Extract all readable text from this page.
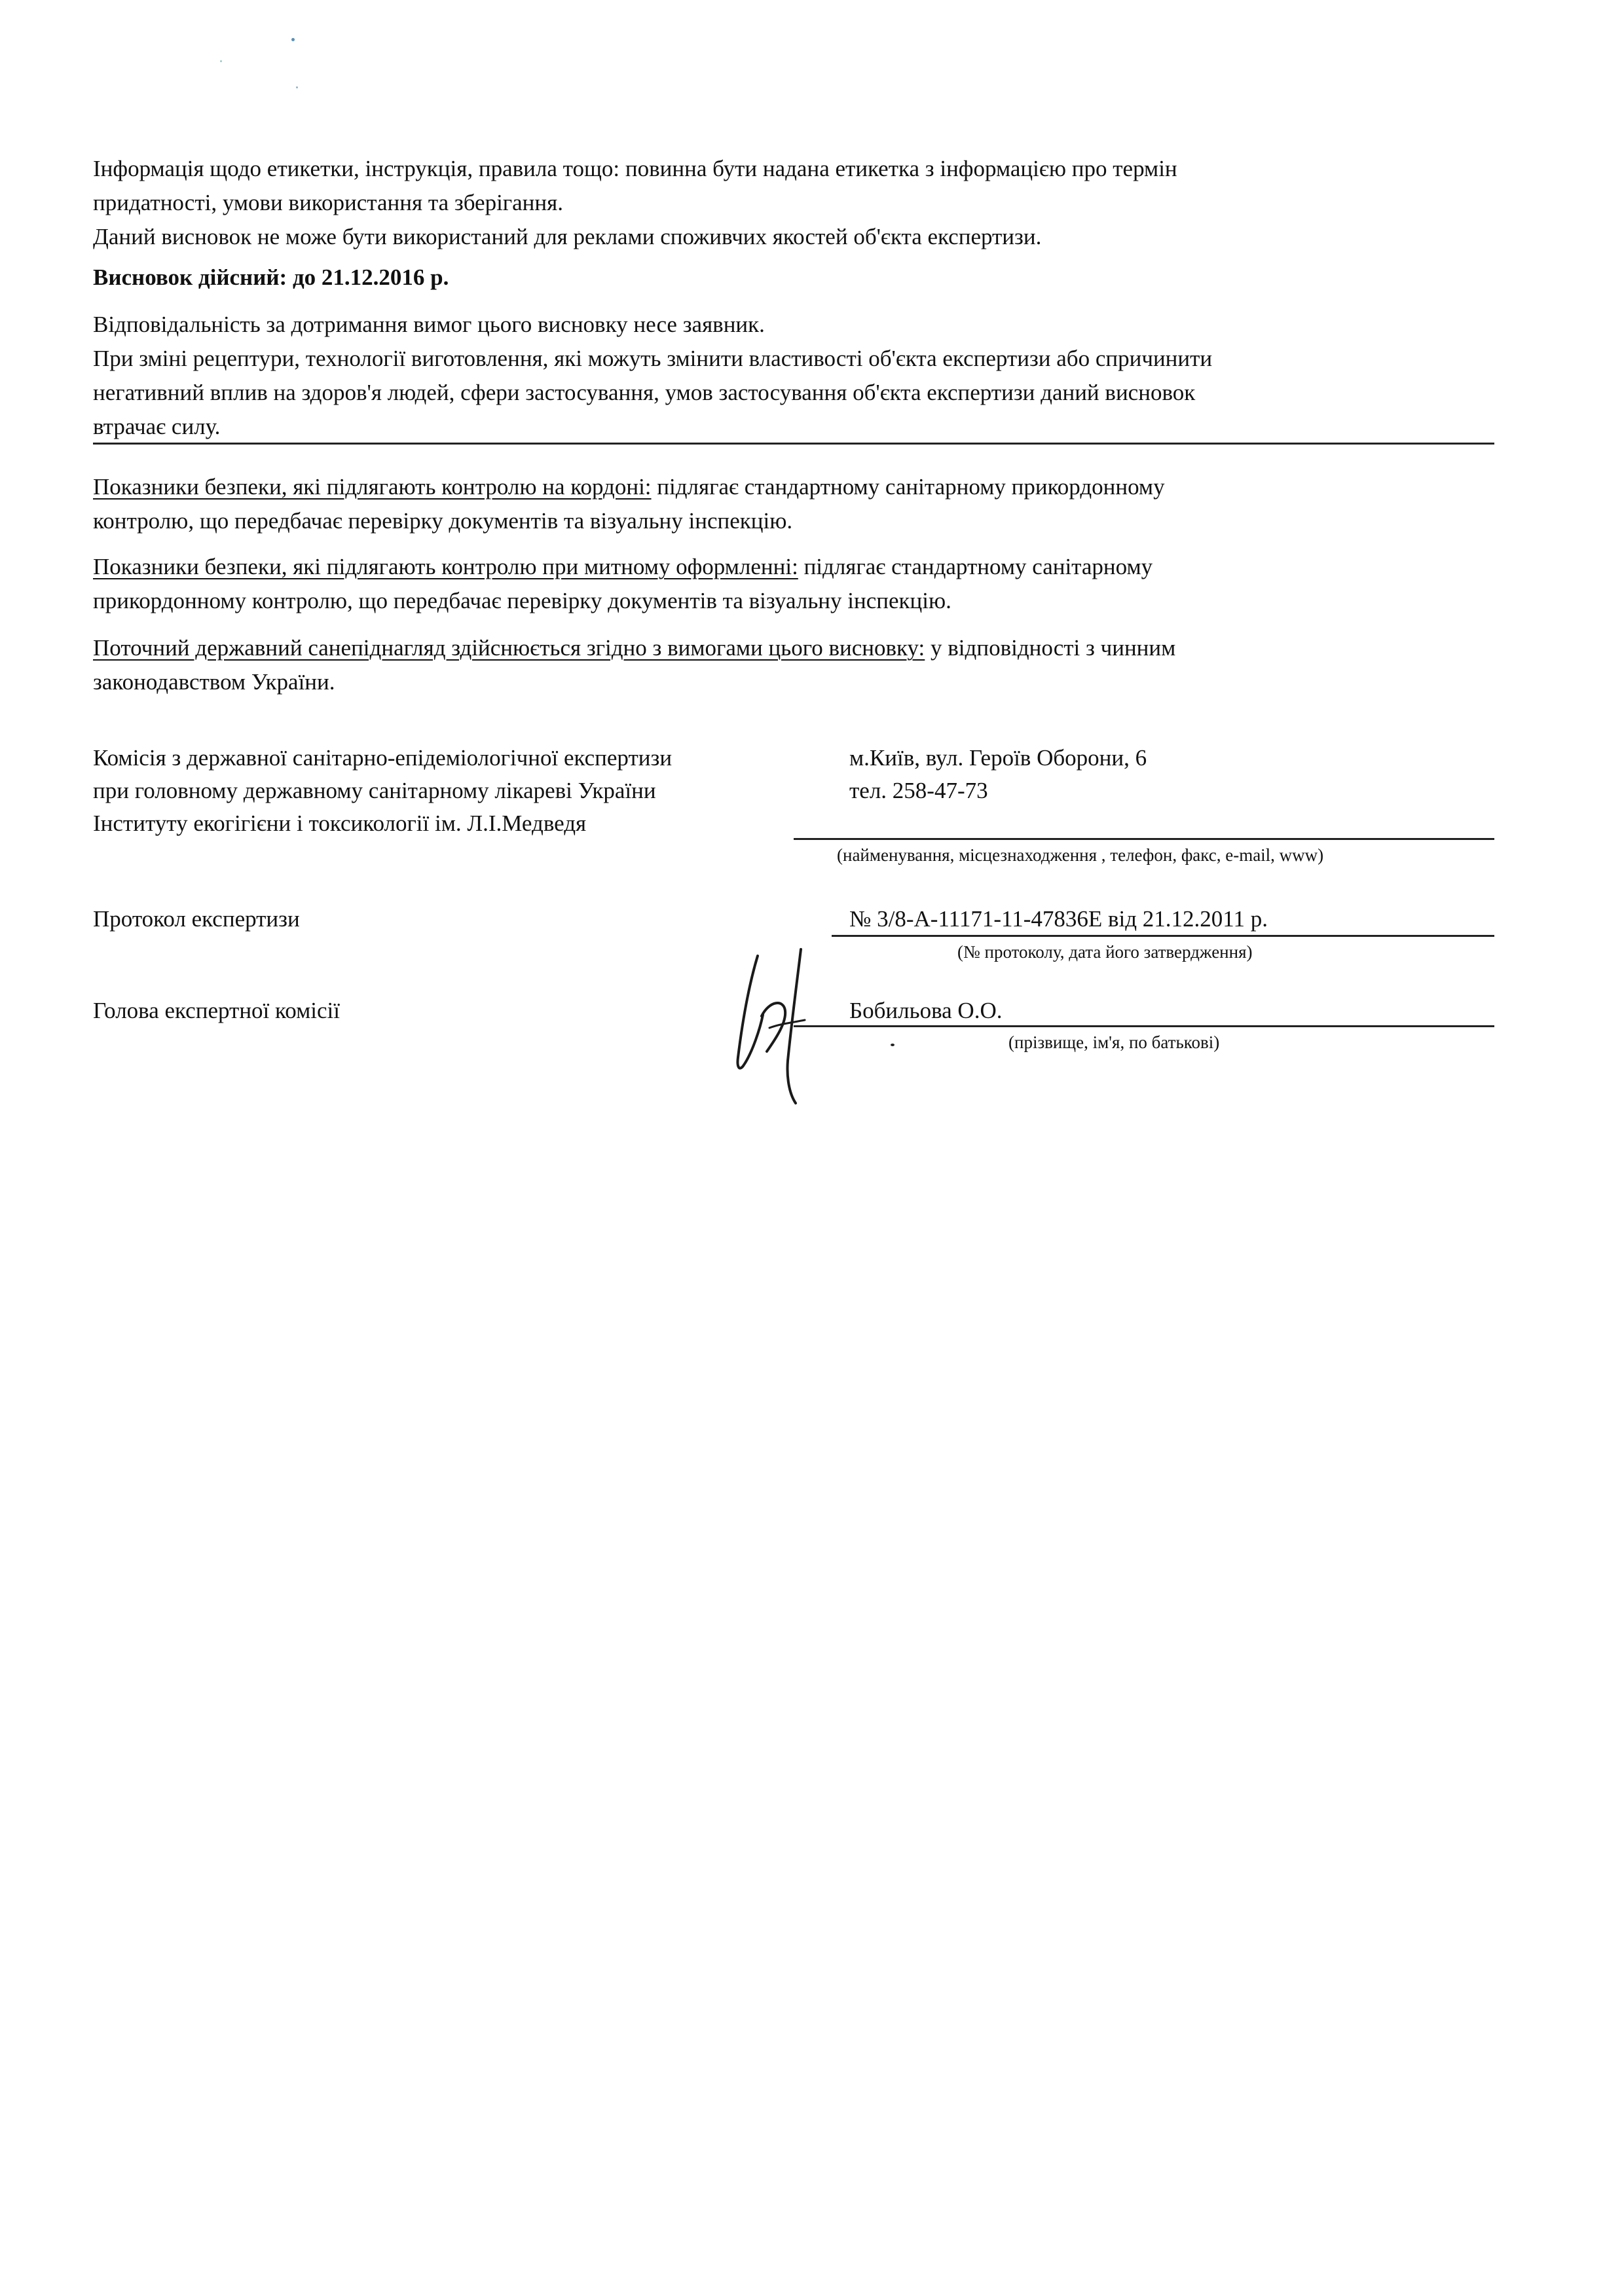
Інформація щодо етикетки, інструкція, правила тощо: повинна бути надана етикетка з інформацією про термін
придатності, умови використання та зберігання.
Даний висновок не може бути використаний для реклами споживчих якостей об'єкта експертизи.
Висновок дійсний: до 21.12.2016 р.
Відповідальність за дотримання вимог цього висновку несе заявник.
При зміні рецептури, технології виготовлення, які можуть змінити властивості об'єкта експертизи або спричинити
негативний вплив на здоров'я людей, сфери застосування, умов застосування об'єкта експертизи даний висновок
втрачає силу.
Показники безпеки, які підлягають контролю на кордоні: підлягає стандартному санітарному прикордонному
контролю, що передбачає перевірку документів та візуальну інспекцію.
Показники безпеки, які підлягають контролю при митному оформленні: підлягає стандартному санітарному
прикордонному контролю, що передбачає перевірку документів та візуальну інспекцію.
Поточний державний санепіднагляд здійснюється згідно з вимогами цього висновку: у відповідності з чинним
законодавством України.
Комісія з державної санітарно-епідеміологічної експертизи
при головному державному санітарному лікареві України
Інституту екогігієни і токсикології ім. Л.І.Медведя
м.Київ, вул. Героїв Оборони, 6
тел. 258-47-73
(найменування, місцезнаходження , телефон, факс, e-mail, www)
Протокол експертизи	№ 3/8-А-11171-11-47836Е від 21.12.2011 р.
(№ протоколу, дата його затвердження)
Голова експертної комісії	Бобильова О.О.
(прізвище, ім'я, по батькові)
